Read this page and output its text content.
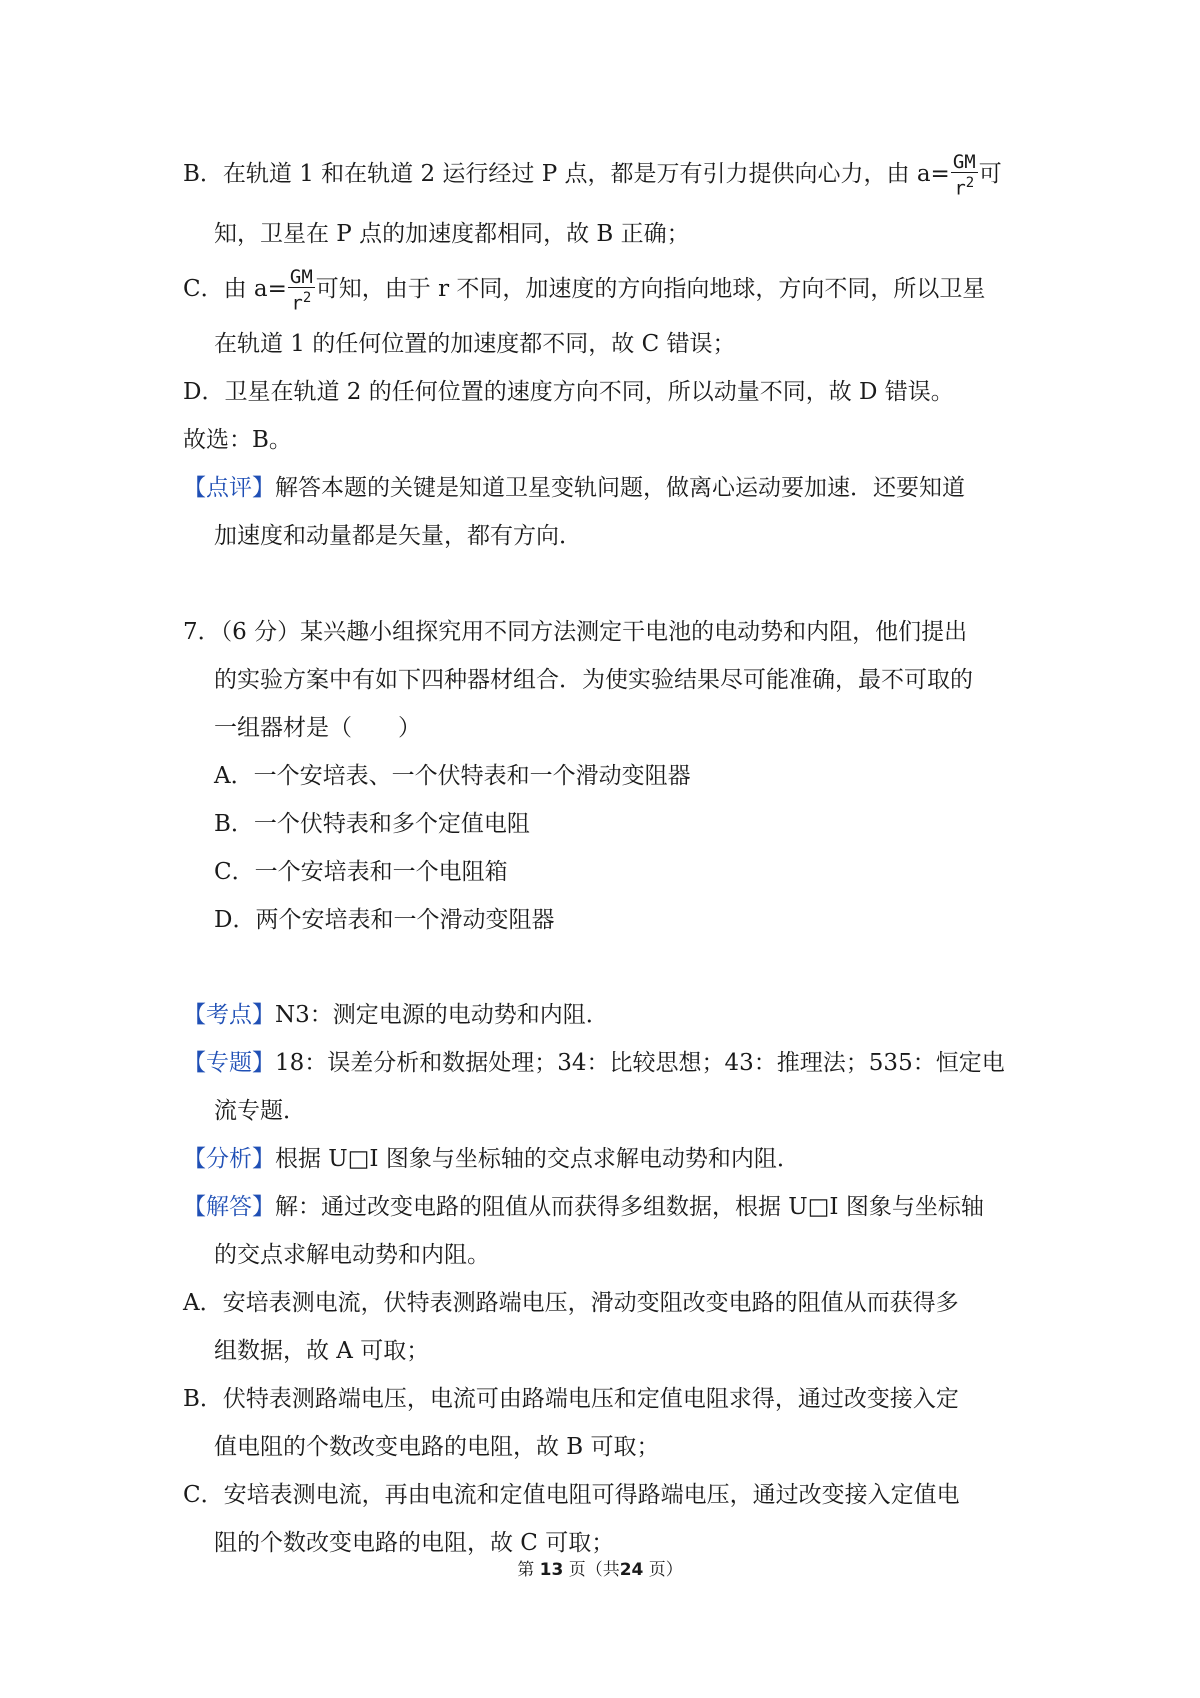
B．在轨道 1 和在轨道 2 运行经过 P 点，都是万有引力提供向心力，由 $a= \frac{GM}{r^2}$ 可
知，卫星在 P 点的加速度都相同，故 B 正确；
C．由 $a= \frac{GM}{r^2}$ 可知，由于 r 不同，加速度的方向指向地球，方向不同，所以卫星
在轨道 1 的任何位置的加速度都不同，故 C 错误；
D．卫星在轨道 2 的任何位置的速度方向不同，所以动量不同，故 D 错误。
故选：B。
【点评】解答本题的关键是知道卫星变轨问题，做离心运动要加速．还要知道
加速度和动量都是矢量，都有方向．
7．（6 分）某兴趣小组探究用不同方法测定干电池的电动势和内阻，他们提出
的实验方案中有如下四种器材组合．为使实验结果尽可能准确，最不可取的
一组器材是（　　）
A．一个安培表、一个伏特表和一个滑动变阻器
B．一个伏特表和多个定值电阻
C．一个安培表和一个电阻箱
D．两个安培表和一个滑动变阻器
【考点】N3：测定电源的电动势和内阻．
【专题】18：误差分析和数据处理；34：比较思想；43：推理法；535：恒定电
流专题．
【分析】根据 U□I 图象与坐标轴的交点求解电动势和内阻．
【解答】解：通过改变电路的阻值从而获得多组数据，根据 U□I 图象与坐标轴
的交点求解电动势和内阻。
A．安培表测电流，伏特表测路端电压，滑动变阻改变电路的阻值从而获得多
组数据，故 A 可取；
B．伏特表测路端电压，电流可由路端电压和定值电阻求得，通过改变接入定
值电阻的个数改变电路的电阻，故 B 可取；
C．安培表测电流，再由电流和定值电阻可得路端电压，通过改变接入定值电
阻的个数改变电路的电阻，故 C 可取；
第 13 页（共24 页）
